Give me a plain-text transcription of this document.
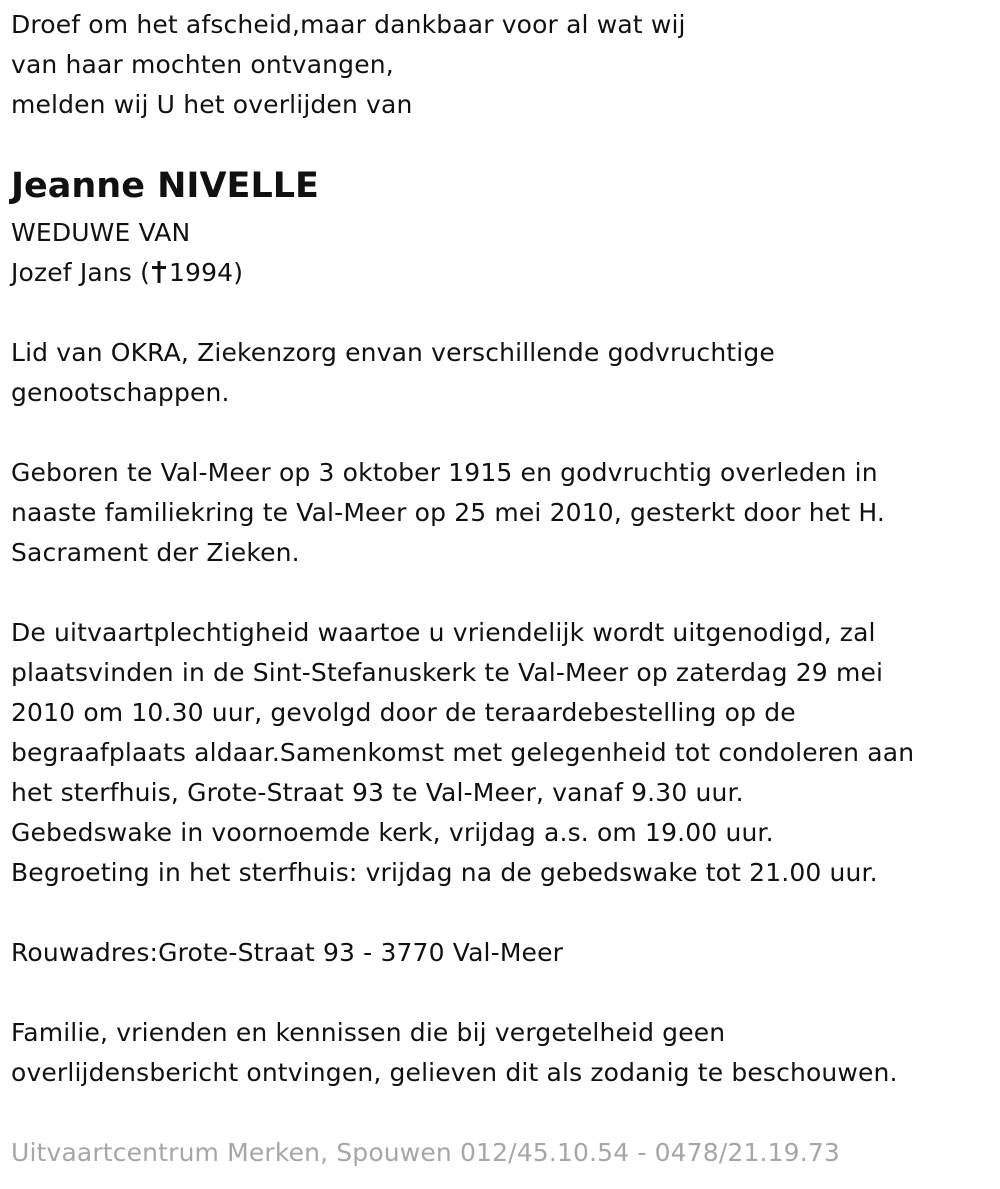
Droef om het afscheid,maar dankbaar voor al wat wij
van haar mochten ontvangen,
melden wij U het overlijden van
Jeanne NIVELLE
WEDUWE VAN
Jozef Jans ( 1994)
Lid van OKRA, Ziekenzorg envan verschillende godvruchtige
genootschappen.
Geboren te Val-Meer op 3 oktober 1915 en godvruchtig overleden in
naaste familiekring te Val-Meer op 25 mei 2010, gesterkt door het H.
Sacrament der Zieken.
De uitvaartplechtigheid waartoe u vriendelijk wordt uitgenodigd, zal
plaatsvinden in de Sint-Stefanuskerk te Val-Meer op zaterdag 29 mei
2010 om 10.30 uur, gevolgd door de teraardebestelling op de
begraafplaats aldaar.Samenkomst met gelegenheid tot condoleren aan
het sterfhuis, Grote-Straat 93 te Val-Meer, vanaf 9.30 uur.
Gebedswake in voornoemde kerk, vrijdag a.s. om 19.00 uur.
Begroeting in het sterfhuis: vrijdag na de gebedswake tot 21.00 uur.
Rouwadres:Grote-Straat 93 - 3770 Val-Meer
Familie, vrienden en kennissen die bij vergetelheid geen
overlijdensbericht ontvingen, gelieven dit als zodanig te beschouwen.
Uitvaartcentrum Merken, Spouwen 012/45.10.54 - 0478/21.19.73
